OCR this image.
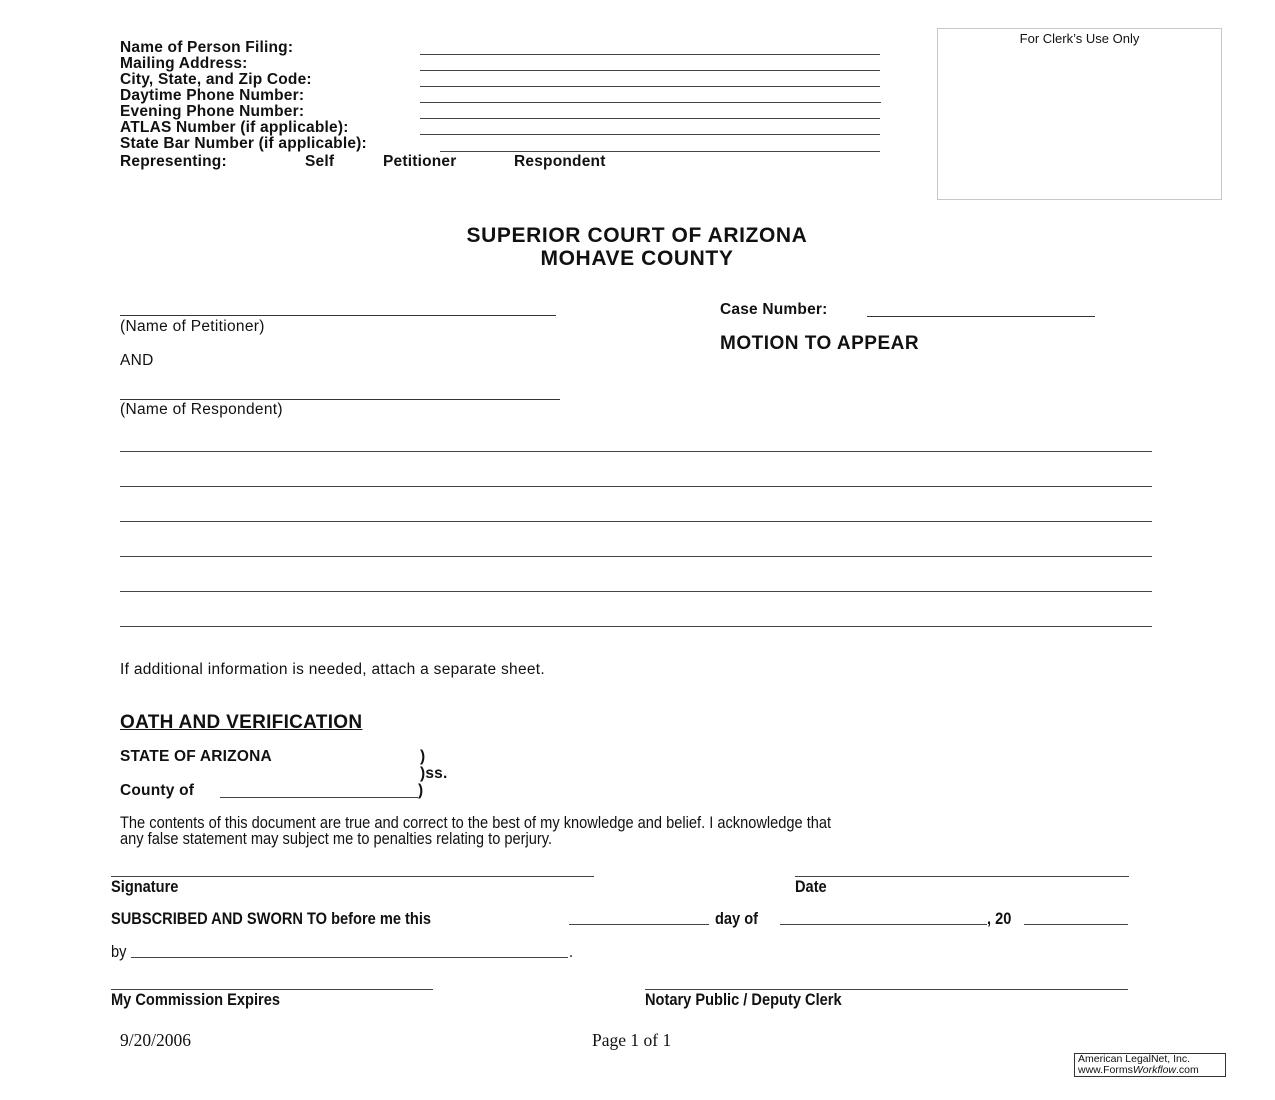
Name of Person Filing:
Mailing Address:
City, State, and Zip Code:
Daytime Phone Number:
Evening Phone Number:
ATLAS Number (if applicable):
State Bar Number (if applicable):
Representing:	Self	Petitioner	Respondent
For Clerk’s Use Only
SUPERIOR COURT OF ARIZONA
MOHAVE COUNTY
(Name of Petitioner)
AND
(Name of Respondent)
Case Number:
MOTION TO APPEAR
If additional information is needed, attach a separate sheet.
OATH AND VERIFICATION
STATE OF ARIZONA	)
)ss.
County of	)
The contents of this document are true and correct to the best of my knowledge and belief. I acknowledge that
any false statement may subject me to penalties relating to perjury.
Signature	Date
SUBSCRIBED AND SWORN TO before me this	day of	, 20
by	.
My Commission Expires	Notary Public / Deputy Clerk
9/20/2006	Page 1 of 1
American LegalNet, Inc.
www.FormsWorkflow.com
